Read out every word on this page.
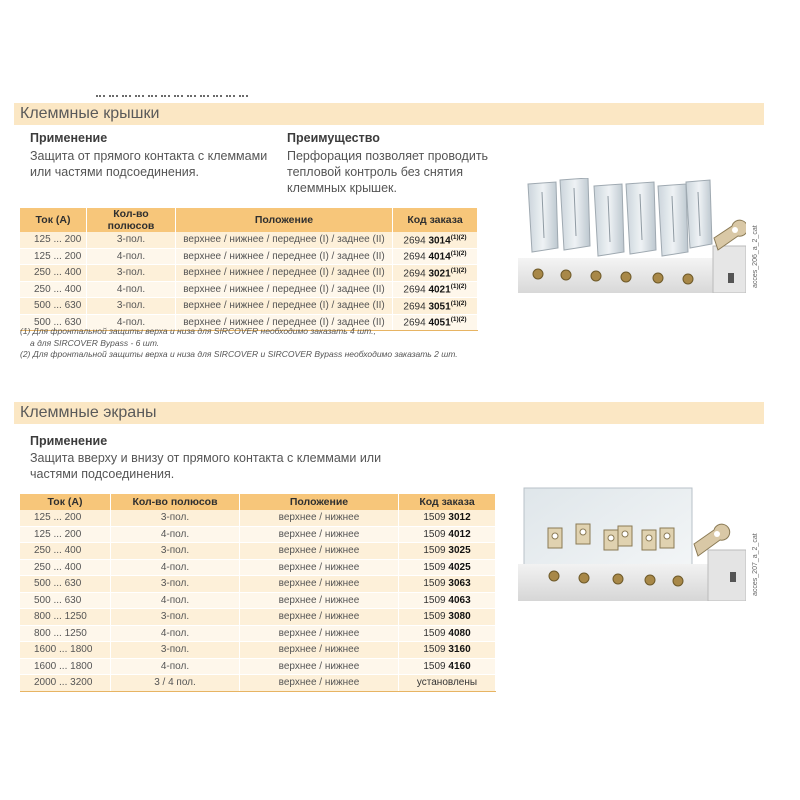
Клеммные крышки
Применение
Защита от прямого контакта с клеммами или частями подсоединения.
Преимущество
Перфорация позволяет проводить тепловой контроль без снятия клеммных крышек.
Ток (А)	Кол-во полюсов	Положение	Код заказа
125 ... 200	3-пол.	верхнее / нижнее / переднее (I) / заднее (II)	2694 $3014^{(1)(2)}$
125 ... 200	4-пол.	верхнее / нижнее / переднее (I) / заднее (II)	2694 $4014^{(1)(2)}$
250 ... 400	3-пол.	верхнее / нижнее / переднее (I) / заднее (II)	2694 $3021^{(1)(2)}$
250 ... 400	4-пол.	верхнее / нижнее / переднее (I) / заднее (II)	2694 $4021^{(1)(2)}$
500 ... 630	3-пол.	верхнее / нижнее / переднее (I) / заднее (II)	2694 $3051^{(1)(2)}$
500 ... 630	4-пол.	верхнее / нижнее / переднее (I) / заднее (II)	2694 $4051^{(1)(2)}$
(1) Для фронтальной защиты верха и низа для SIRCOVER необходимо заказать 4 шт.,
а для SIRCOVER Bypass - 6 шт.
(2) Для фронтальной защиты верха и низа для SIRCOVER и SIRCOVER Bypass необходимо заказать 2 шт.
acces_206_a_2_cat
Клеммные экраны
Применение
Защита вверху и внизу от прямого контакта с клеммами или частями подсоединения.
Ток (А)	Кол-во полюсов	Положение	Код заказа
125 ... 200	3-пол.	верхнее / нижнее	1509 3012
125 ... 200	4-пол.	верхнее / нижнее	1509 4012
250 ... 400	3-пол.	верхнее / нижнее	1509 3025
250 ... 400	4-пол.	верхнее / нижнее	1509 4025
500 ... 630	3-пол.	верхнее / нижнее	1509 3063
500 ... 630	4-пол.	верхнее / нижнее	1509 4063
800 ... 1250	3-пол.	верхнее / нижнее	1509 3080
800 ... 1250	4-пол.	верхнее / нижнее	1509 4080
1600 ... 1800	3-пол.	верхнее / нижнее	1509 3160
1600 ... 1800	4-пол.	верхнее / нижнее	1509 4160
2000 ... 3200	3 / 4 пол.	верхнее / нижнее	установлены
acces_207_a_2_cat
